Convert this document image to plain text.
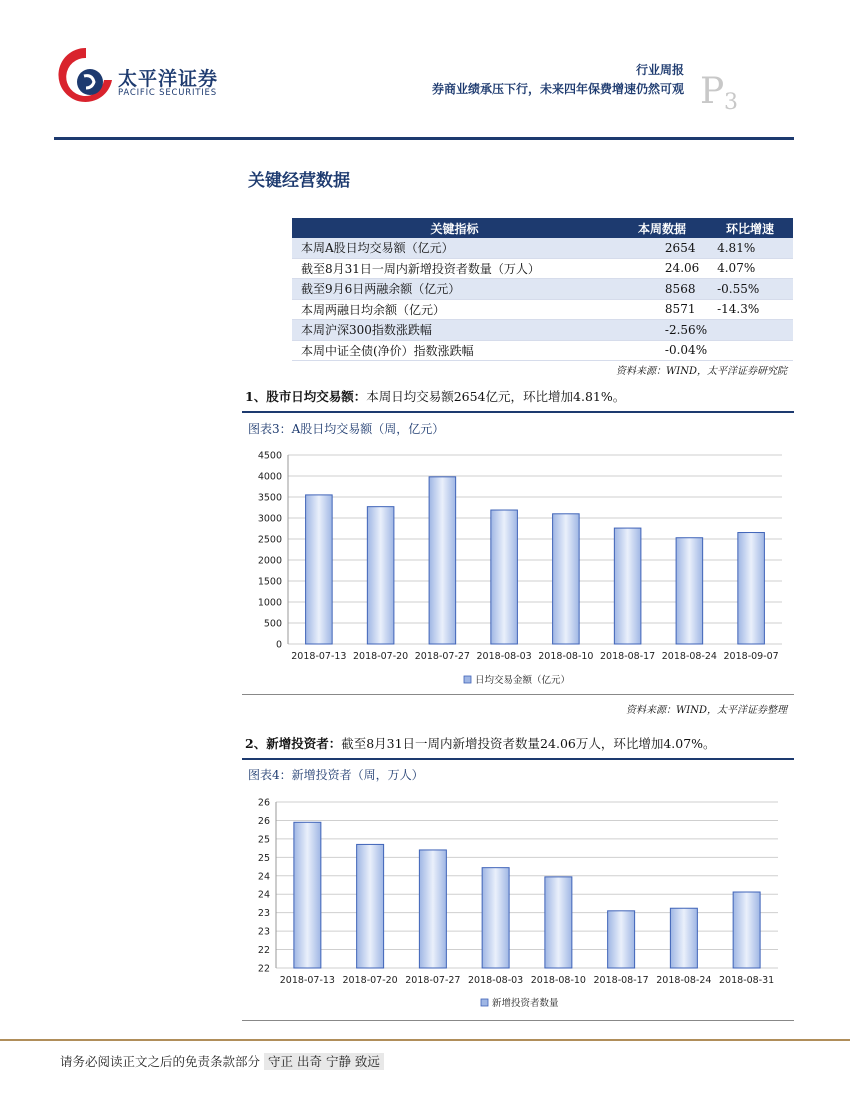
太平洋证券
PACIFIC SECURITIES
行业周报
券商业绩承压下行，未来四年保费增速仍然可观 P 3
关键经营数据
关键指标	本周数据	环比增速
本周A股日均交易额（亿元）	2654	4.81%
截至8月31日一周内新增投资者数量（万人）	24.06	4.07%
截至9月6日两融余额（亿元）	8568	-0.55%
本周两融日均余额（亿元）	8571	-14.3%
本周沪深300指数涨跌幅	-2.56%	
本周中证全债(净价）指数涨跌幅	-0.04%	
资料来源：WIND，太平洋证券研究院
1、股市日均交易额：本周日均交易额2654亿元，环比增加4.81%。
图表3：A股日均交易额（周，亿元）
0
500
1000
1500
2000
2500
3000
3500
4000
4500
2018-07-13 2018-07-20 2018-07-27 2018-08-03 2018-08-10 2018-08-17 2018-08-24 2018-09-07
日均交易金额（亿元）
资料来源：WIND，太平洋证券整理
2、新增投资者：截至8月31日一周内新增投资者数量24.06万人，环比增加4.07%。
图表4：新增投资者（周，万人）
22
22
23
23
24
24
25
25
26
26
2018-07-13 2018-07-20 2018-07-27 2018-08-03 2018-08-10 2018-08-17 2018-08-24 2018-08-31
新增投资者数量
请务必阅读正文之后的免责条款部分 守正 出奇 宁静 致远
